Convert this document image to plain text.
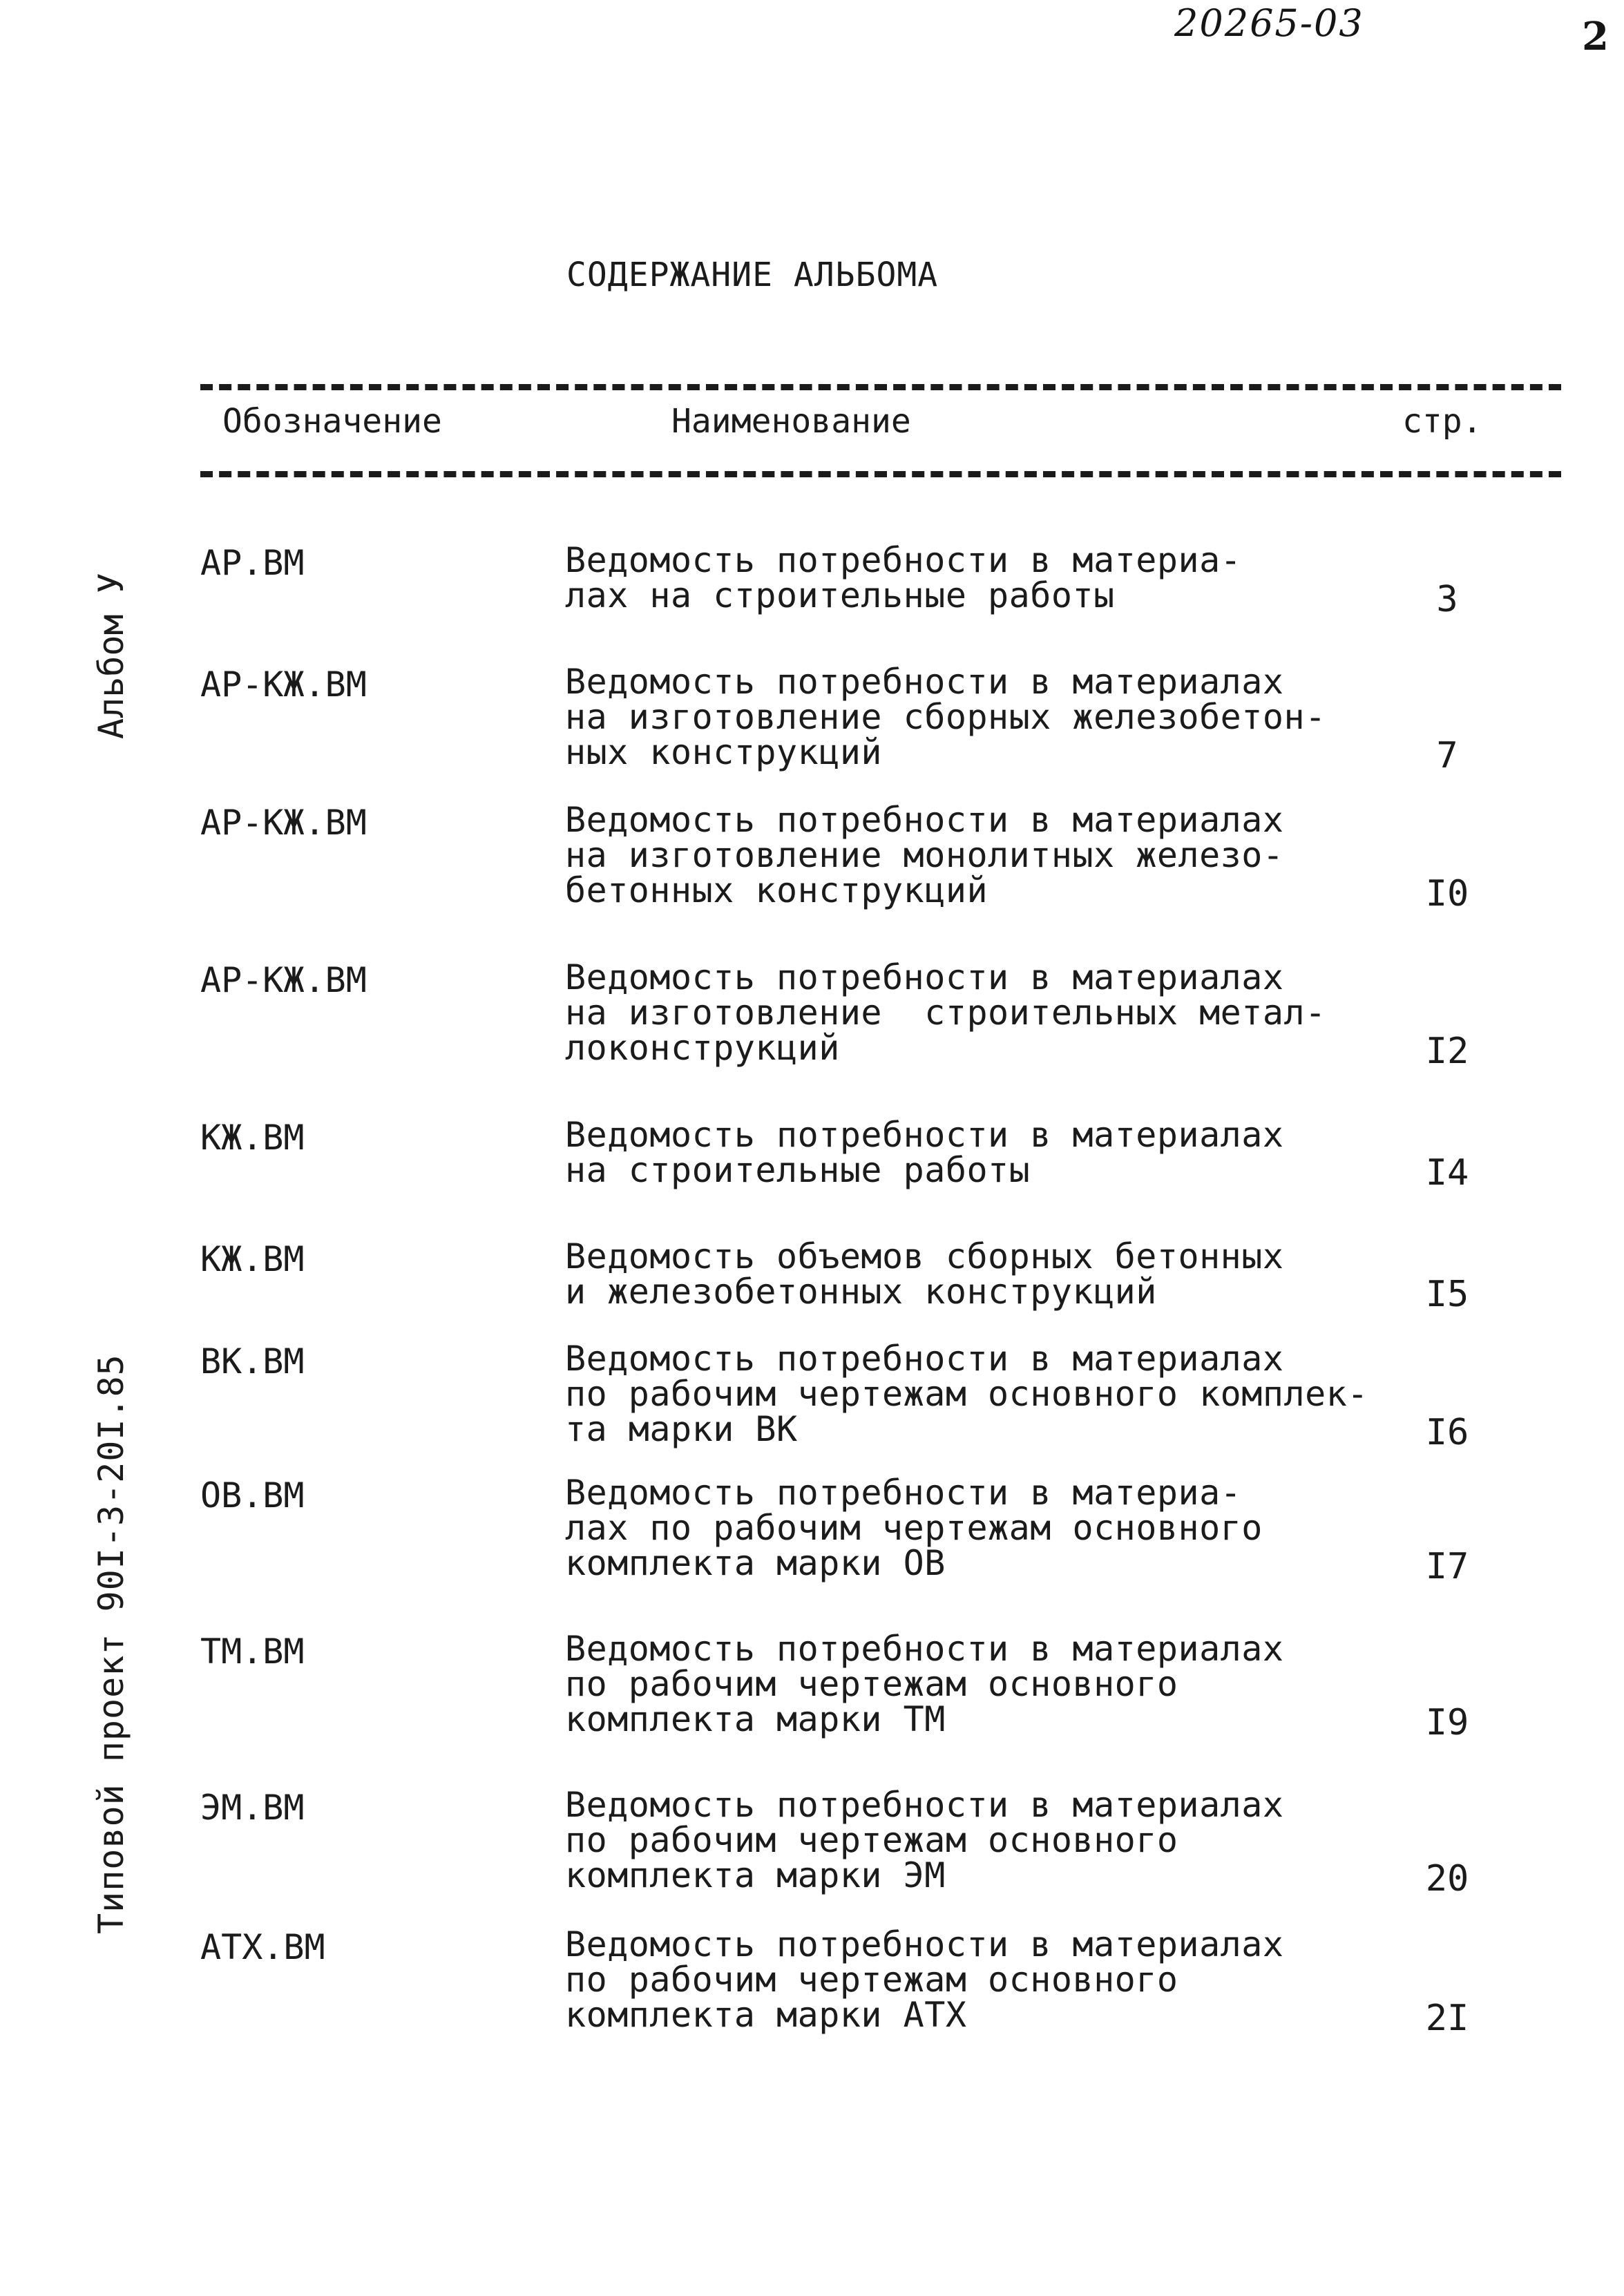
20265-03	2
СОДЕРЖАНИЕ АЛЬБОМА
Обозначение	Наименование	стр.
АР.ВМ	Ведомость потребности в материа-
лах на строительные работы	3
АР-КЖ.ВМ	Ведомость потребности в материалах
на изготовление сборных железобетон-
ных конструкций	7
АР-КЖ.ВМ	Ведомость потребности в материалах
на изготовление монолитных железо-
бетонных конструкций	I0
АР-КЖ.ВМ	Ведомость потребности в материалах
на изготовление  строительных метал-
локонструкций	I2
КЖ.ВМ	Ведомость потребности в материалах
на строительные работы	I4
КЖ.ВМ	Ведомость объемов сборных бетонных
и железобетонных конструкций	I5
ВК.ВМ	Ведомость потребности в материалах
по рабочим чертежам основного комплек-
та марки ВК	I6
ОВ.ВМ	Ведомость потребности в материа-
лах по рабочим чертежам основного
комплекта марки ОВ	I7
ТМ.ВМ	Ведомость потребности в материалах
по рабочим чертежам основного
комплекта марки ТМ	I9
ЭМ.ВМ	Ведомость потребности в материалах
по рабочим чертежам основного
комплекта марки ЭМ	20
АТХ.ВМ	Ведомость потребности в материалах
по рабочим чертежам основного
комплекта марки АТХ	2I
Альбом У
Типовой проект 90I-3-20I.85
